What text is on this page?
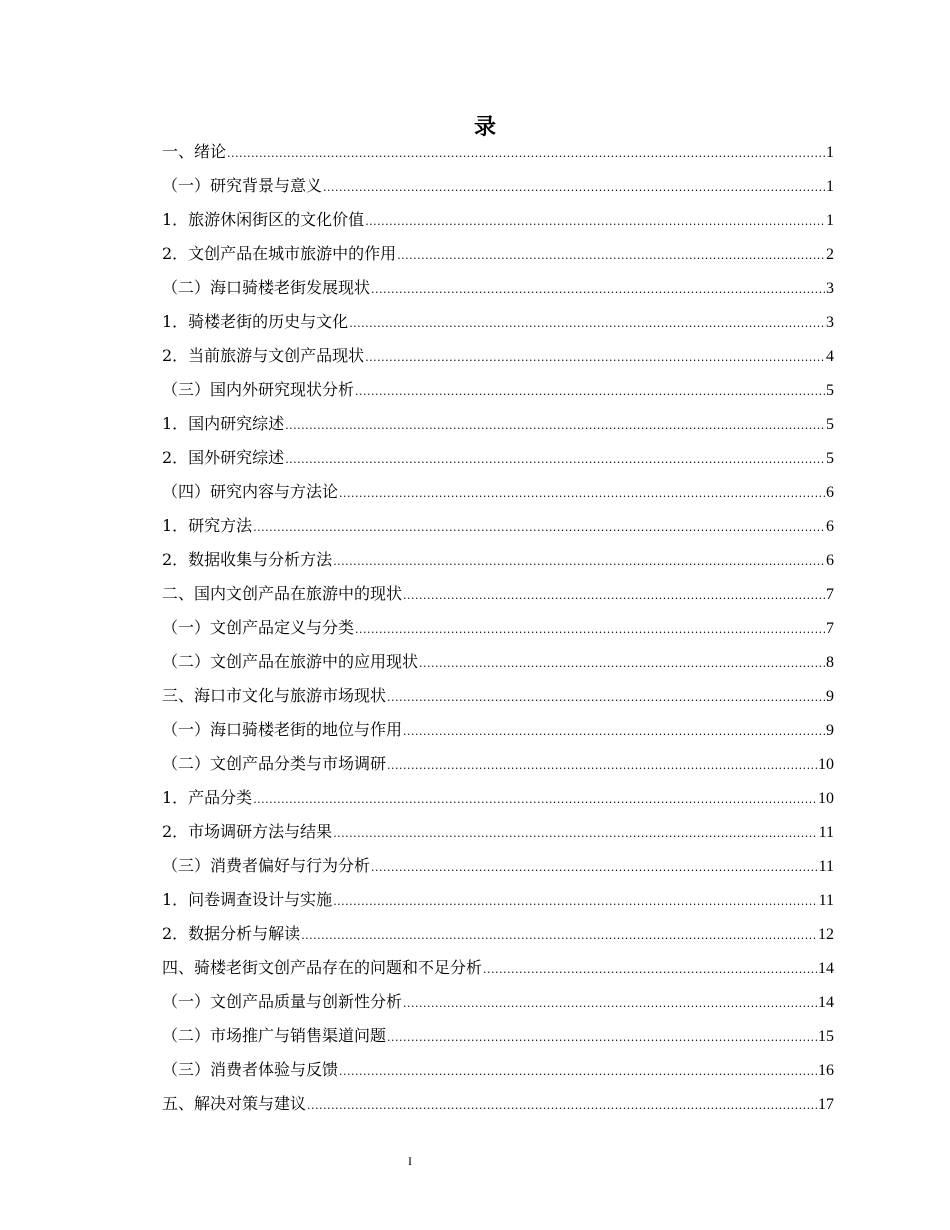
录
一、绪论 .....	1
（一）研究背景与意义 .....	1
1．旅游休闲街区的文化价值 .....	1
2．文创产品在城市旅游中的作用 .....	2
（二）海口骑楼老街发展现状 .....	3
1．骑楼老街的历史与文化 .....	3
2．当前旅游与文创产品现状 .....	4
（三）国内外研究现状分析 .....	5
1．国内研究综述 .....	5
2．国外研究综述 .....	5
（四）研究内容与方法论 .....	6
1．研究方法 .....	6
2．数据收集与分析方法 .....	6
二、国内文创产品在旅游中的现状 .....	7
（一）文创产品定义与分类 .....	7
（二）文创产品在旅游中的应用现状 .....	8
三、海口市文化与旅游市场现状 .....	9
（一）海口骑楼老街的地位与作用 .....	9
（二）文创产品分类与市场调研 .....	10
1．产品分类 .....	10
2．市场调研方法与结果 .....	11
（三）消费者偏好与行为分析 .....	11
1．问卷调查设计与实施 .....	11
2．数据分析与解读 .....	12
四、骑楼老街文创产品存在的问题和不足分析 .....	14
（一）文创产品质量与创新性分析 .....	14
（二）市场推广与销售渠道问题 .....	15
（三）消费者体验与反馈 .....	16
五、解决对策与建议 .....	17
I
